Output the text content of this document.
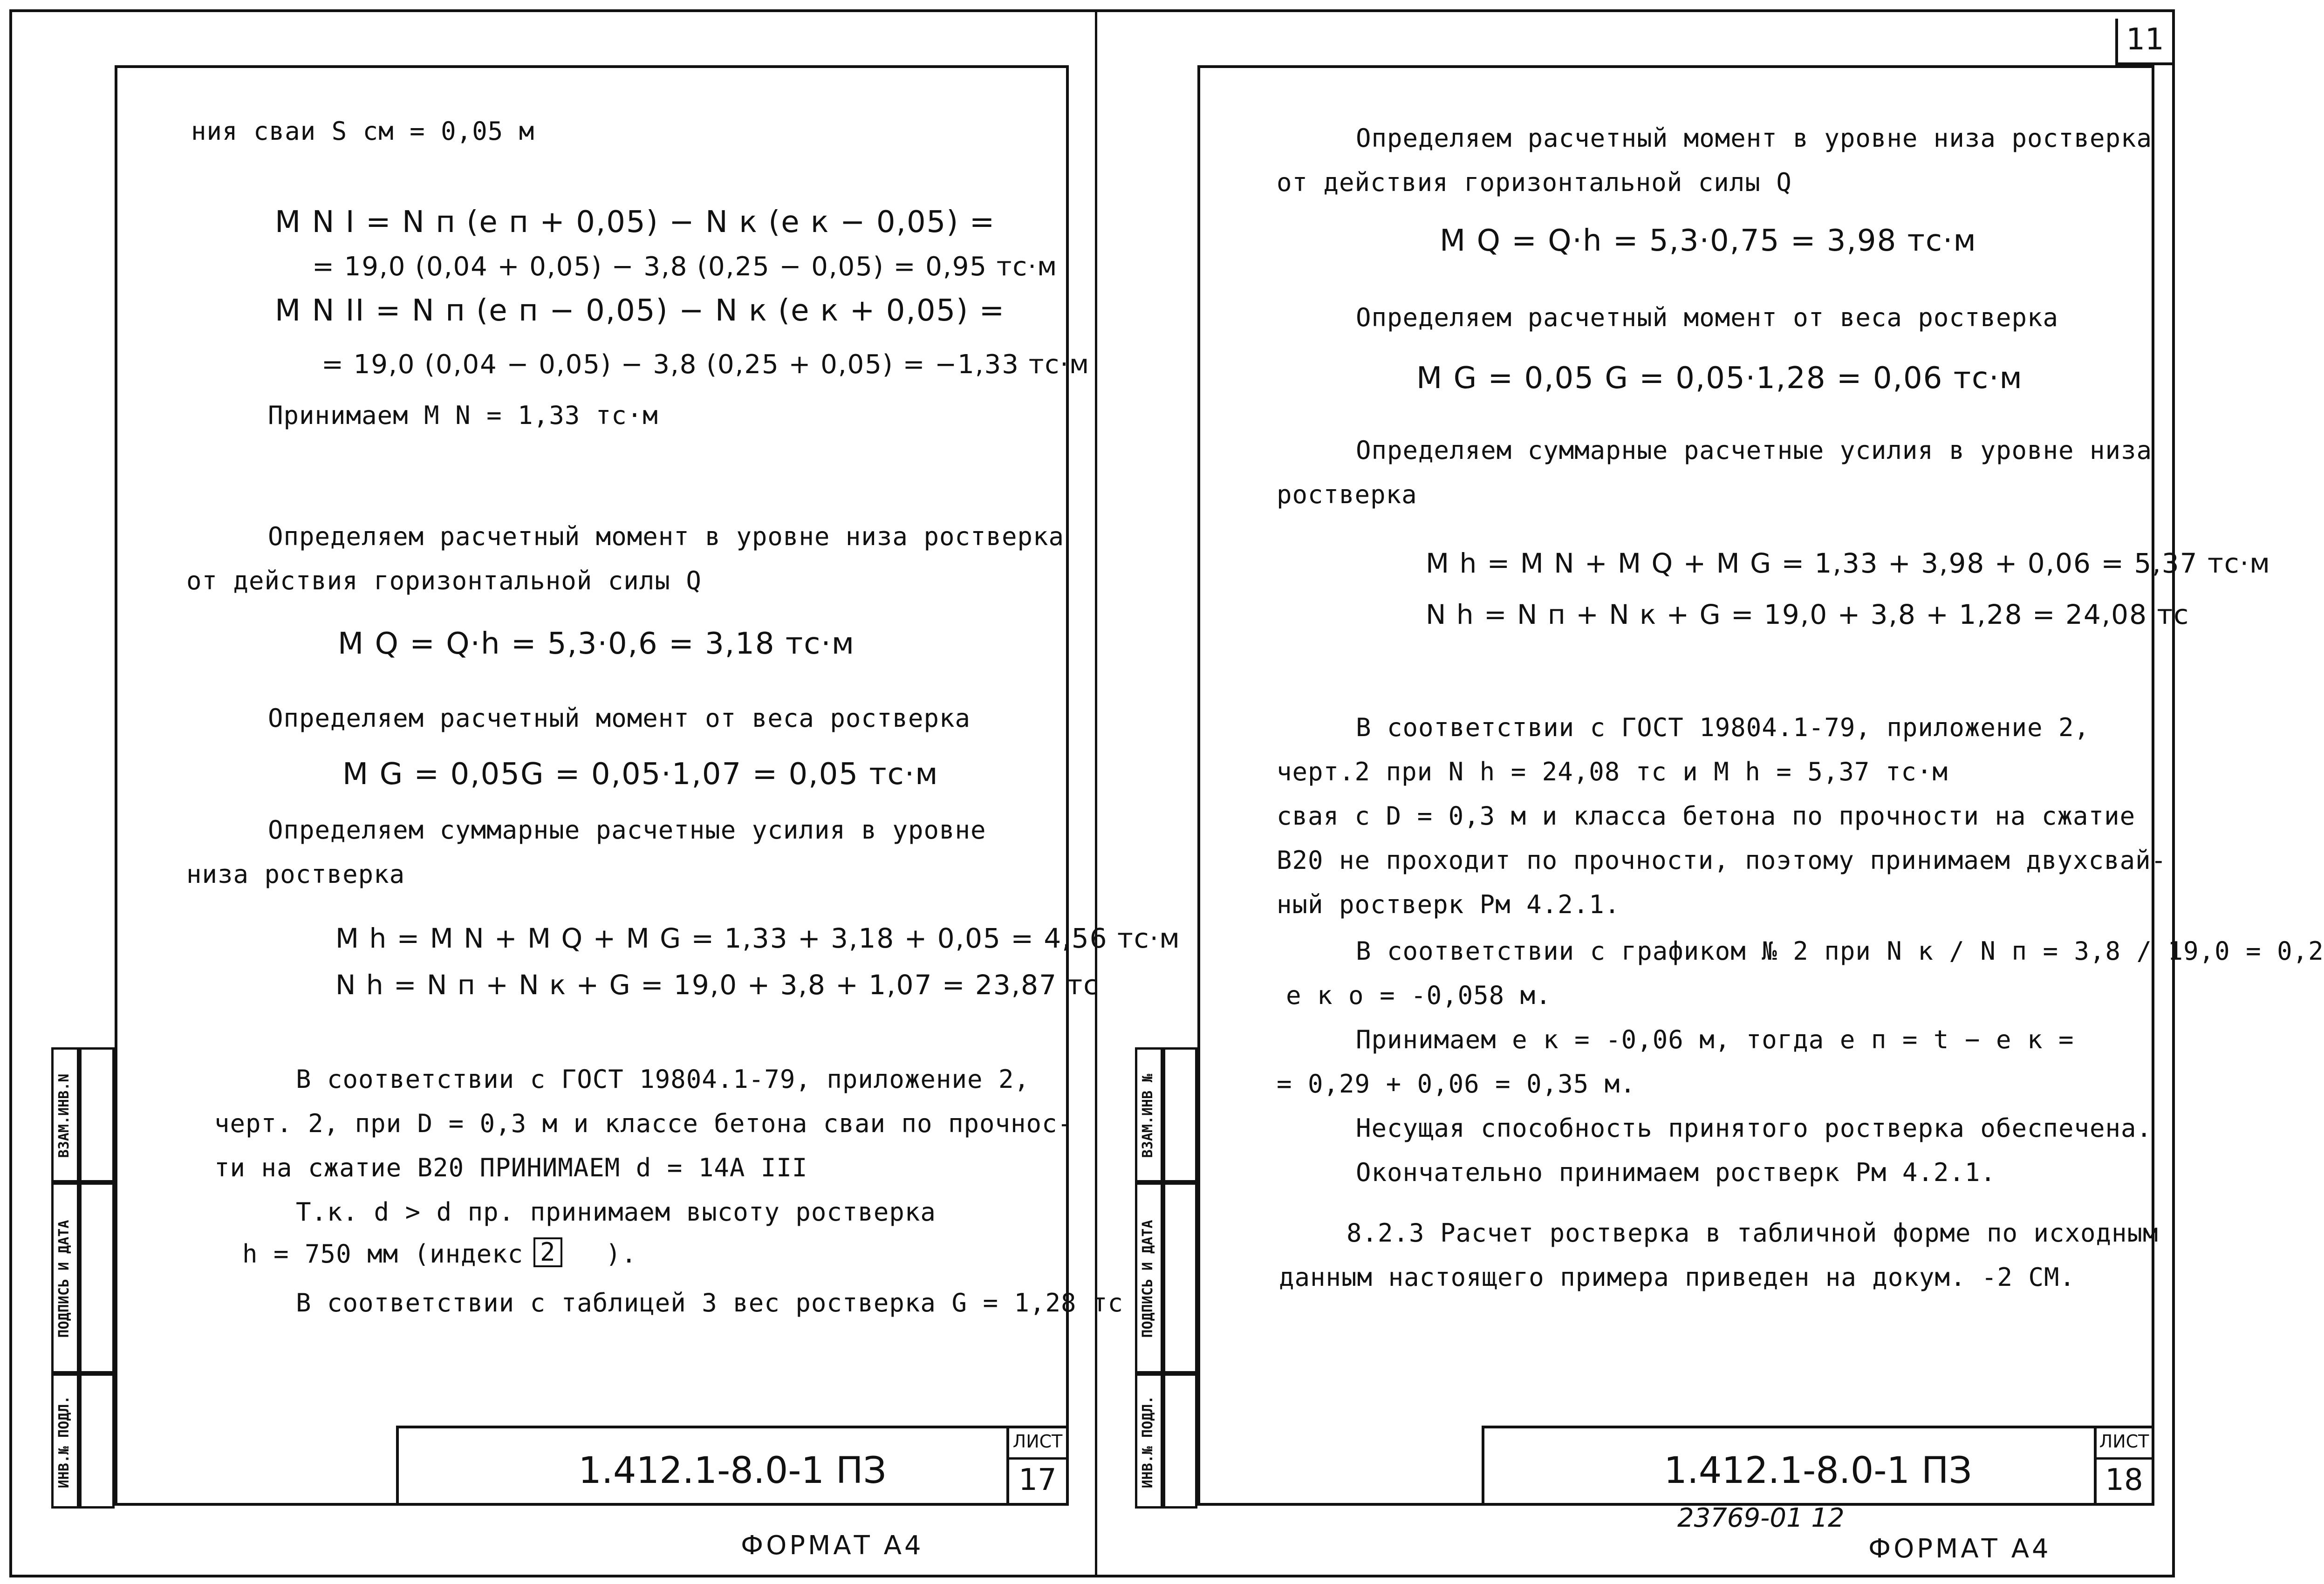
11
ВЗАМ.ИНВ.N
ПОДПИСЬ И ДАТА
ИНВ.№ ПОДЛ.
ния сваи S см = 0,05 м
M N I = N п (e п + 0,05) − N к (e к − 0,05) =
= 19,0 (0,04 + 0,05) − 3,8 (0,25 − 0,05) = 0,95 тс·м
M N II = N п (e п − 0,05) − N к (e к + 0,05) =
= 19,0 (0,04 − 0,05) − 3,8 (0,25 + 0,05) = −1,33 тс·м
Принимаем M N = 1,33 тс·м
Определяем расчетный момент в уровне низа ростверка
от действия горизонтальной силы Q
M Q = Q·h = 5,3·0,6 = 3,18 тс·м
Определяем расчетный момент от веса ростверка
M G = 0,05G = 0,05·1,07 = 0,05 тс·м
Определяем суммарные расчетные усилия в уровне
низа ростверка
M h = M N + M Q + M G = 1,33 + 3,18 + 0,05 = 4,56 тс·м
N h = N п + N к + G = 19,0 + 3,8 + 1,07 = 23,87 тс
В соответствии с ГОСТ 19804.1-79, приложение 2,
черт. 2, при D = 0,3 м и классе бетона сваи по прочнос-
ти на сжатие B20 ПРИНИМАЕМ d = 14A III
Т.к. d > d пр. принимаем высоту ростверка
h = 750 мм (индекс 2 ).
В соответствии с таблицей 3 вес ростверка G = 1,28 тс
1.412.1-8.0-1 ПЗ
ЛИСТ
17
ФОРМАТ А4
ВЗАМ.ИНВ №
ПОДПИСЬ И ДАТА
ИНВ.№ ПОДЛ.
Определяем расчетный момент в уровне низа ростверка
от действия горизонтальной силы Q
M Q = Q·h = 5,3·0,75 = 3,98 тс·м
Определяем расчетный момент от веса ростверка
M G = 0,05 G = 0,05·1,28 = 0,06 тс·м
Определяем суммарные расчетные усилия в уровне низа
ростверка
M h = M N + M Q + M G = 1,33 + 3,98 + 0,06 = 5,37 тс·м
N h = N п + N к + G = 19,0 + 3,8 + 1,28 = 24,08 тс
В соответствии с ГОСТ 19804.1-79, приложение 2,
черт.2 при N h = 24,08 тс и M h = 5,37 тс·м
свая с D = 0,3 м и класса бетона по прочности на сжатие
В20 не проходит по прочности, поэтому принимаем двухсвай-
ный ростверк Рм 4.2.1.
В соответствии с графиком № 2 при N к / N п = 3,8 / 19,0 = 0,2
e к o = -0,058 м.
Принимаем e к = -0,06 м, тогда e п = t − e к =
= 0,29 + 0,06 = 0,35 м.
Несущая способность принятого ростверка обеспечена.
Окончательно принимаем ростверк Рм 4.2.1.
8.2.3 Расчет ростверка в табличной форме по исходным
данным настоящего примера приведен на докум. -2 СМ.
1.412.1-8.0-1 ПЗ
ЛИСТ
18
23769-01 12
ФОРМАТ А4
